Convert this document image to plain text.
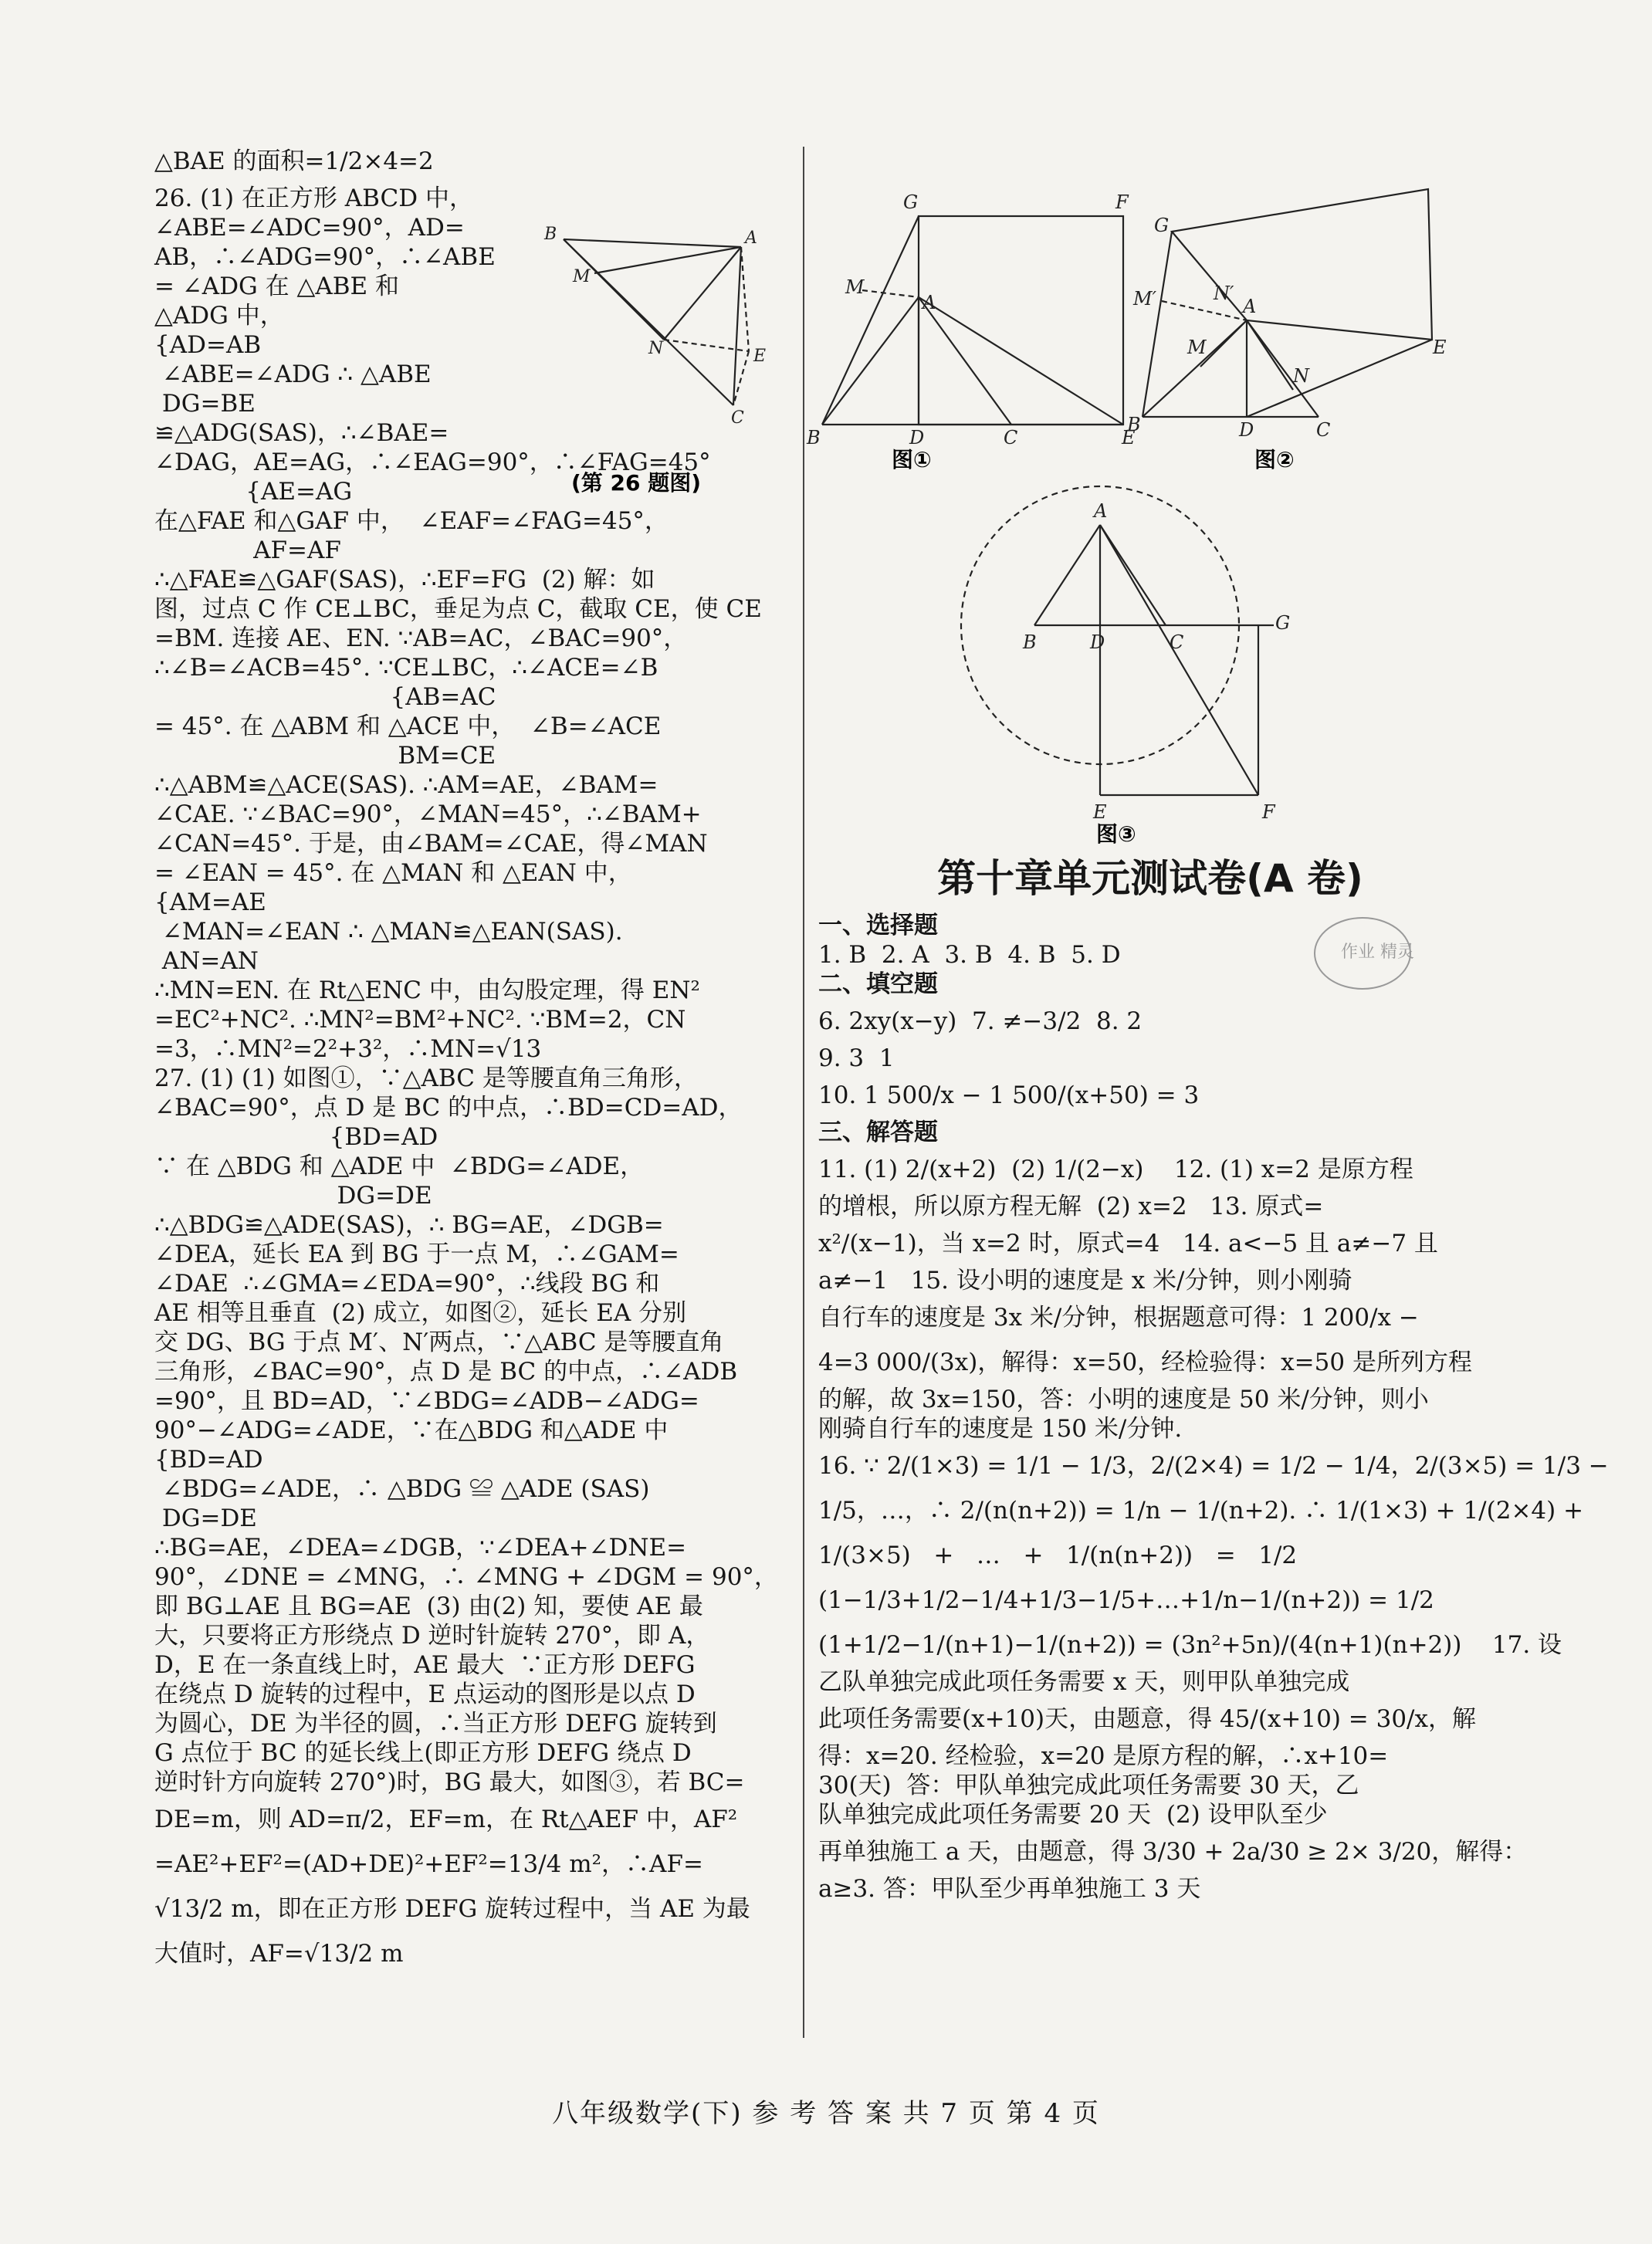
△BAE 的面积=1/2×4=2
26. (1) 在正方形 ABCD 中，
∠ABE=∠ADC=90°，AD=
AB，∴∠ADG=90°，∴∠ABE
= ∠ADG 在 △ABE 和
△ADG 中，
{AD=AB
∠ABE=∠ADG ∴ △ABE
DG=BE
≌△ADG(SAS)，∴∠BAE=
∠DAG，AE=AG，∴∠EAG=90°，∴∠FAG=45°
{AE=AG
在△FAE 和△GAF 中，  ∠EAF=∠FAG=45°，
AF=AF
∴△FAE≌△GAF(SAS)，∴EF=FG  (2) 解：如
图，过点 C 作 CE⊥BC，垂足为点 C，截取 CE，使 CE
=BM. 连接 AE、EN. ∵AB=AC，∠BAC=90°，
∴∠B=∠ACB=45°. ∵CE⊥BC，∴∠ACE=∠B
{AB=AC
= 45°. 在 △ABM 和 △ACE 中，  ∠B=∠ACE
BM=CE
∴△ABM≌△ACE(SAS). ∴AM=AE，∠BAM=
∠CAE. ∵∠BAC=90°，∠MAN=45°，∴∠BAM+
∠CAN=45°. 于是，由∠BAM=∠CAE，得∠MAN
= ∠EAN = 45°. 在 △MAN 和 △EAN 中，
{AM=AE
∠MAN=∠EAN ∴ △MAN≌△EAN(SAS).
AN=AN
∴MN=EN. 在 Rt△ENC 中，由勾股定理，得 EN²
=EC²+NC². ∴MN²=BM²+NC². ∵BM=2，CN
=3，∴MN²=2²+3²，∴MN=√13
27. (1) (1) 如图①，∵△ABC 是等腰直角三角形，
∠BAC=90°，点 D 是 BC 的中点，∴BD=CD=AD，
{BD=AD
∵ 在 △BDG 和 △ADE 中  ∠BDG=∠ADE，
DG=DE
∴△BDG≌△ADE(SAS)，∴ BG=AE，∠DGB=
∠DEA，延长 EA 到 BG 于一点 M，∴∠GAM=
∠DAE  ∴∠GMA=∠EDA=90°，∴线段 BG 和
AE 相等且垂直  (2) 成立，如图②，延长 EA 分别
交 DG、BG 于点 M′、N′两点，∵△ABC 是等腰直角
三角形，∠BAC=90°，点 D 是 BC 的中点，∴∠ADB
=90°，且 BD=AD，∵∠BDG=∠ADB−∠ADG=
90°−∠ADG=∠ADE，∵在△BDG 和△ADE 中
{BD=AD
∠BDG=∠ADE，∴ △BDG ≌ △ADE (SAS)
DG=DE
∴BG=AE，∠DEA=∠DGB，∵∠DEA+∠DNE=
90°，∠DNE = ∠MNG，∴ ∠MNG + ∠DGM = 90°，
即 BG⊥AE 且 BG=AE  (3) 由(2) 知，要使 AE 最
大，只要将正方形绕点 D 逆时针旋转 270°，即 A，
D，E 在一条直线上时，AE 最大  ∵正方形 DEFG
在绕点 D 旋转的过程中，E 点运动的图形是以点 D
为圆心，DE 为半径的圆，∴当正方形 DEFG 旋转到
G 点位于 BC 的延长线上(即正方形 DEFG 绕点 D
逆时针方向旋转 270°)时，BG 最大，如图③，若 BC=
DE=m，则 AD=π/2，EF=m，在 Rt△AEF 中，AF²
=AE²+EF²=(AD+DE)²+EF²=13/4 m²，∴AF=
√13/2 m，即在正方形 DEFG 旋转过程中，当 AE 为最
大值时，AF=√13/2 m
B	A
M
N	E
C
(第 26 题图)
G	F
M
A
B	D	C	E
图①
G
M′	N′
A
M
N
E
B	D	C
图②
A
B	D	C
G
E	F
图③
第十章单元测试卷(A 卷)
作业 精灵
一、选择题
1. B  2. A  3. B  4. B  5. D
二、填空题
6. 2xy(x−y)  7. ≠−3/2  8. 2
9. 3  1
10. 1 500/x − 1 500/(x+50) = 3
三、解答题
11. (1) 2/(x+2)  (2) 1/(2−x)    12. (1) x=2 是原方程
的增根，所以原方程无解  (2) x=2   13. 原式=
x²/(x−1)，当 x=2 时，原式=4   14. a<−5 且 a≠−7 且
a≠−1   15. 设小明的速度是 x 米/分钟，则小刚骑
自行车的速度是 3x 米/分钟，根据题意可得：1 200/x −
4=3 000/(3x)，解得：x=50，经检验得：x=50 是所列方程
的解，故 3x=150，答：小明的速度是 50 米/分钟，则小
刚骑自行车的速度是 150 米/分钟.
16. ∵ 2/(1×3) = 1/1 − 1/3，2/(2×4) = 1/2 − 1/4，2/(3×5) = 1/3 −
1/5，…，∴ 2/(n(n+2)) = 1/n − 1/(n+2). ∴ 1/(1×3) + 1/(2×4) +
1/(3×5)   +   …   +   1/(n(n+2))   =   1/2
(1−1/3+1/2−1/4+1/3−1/5+…+1/n−1/(n+2)) = 1/2
(1+1/2−1/(n+1)−1/(n+2)) = (3n²+5n)/(4(n+1)(n+2))    17. 设
乙队单独完成此项任务需要 x 天，则甲队单独完成
此项任务需要(x+10)天，由题意，得 45/(x+10) = 30/x，解
得：x=20. 经检验，x=20 是原方程的解，∴x+10=
30(天)  答：甲队单独完成此项任务需要 30 天，乙
队单独完成此项任务需要 20 天  (2) 设甲队至少
再单独施工 a 天，由题意，得 3/30 + 2a/30 ≥ 2× 3/20，解得：
a≥3. 答：甲队至少再单独施工 3 天
八年级数学(下) 参 考 答 案 共 7 页 第 4 页
